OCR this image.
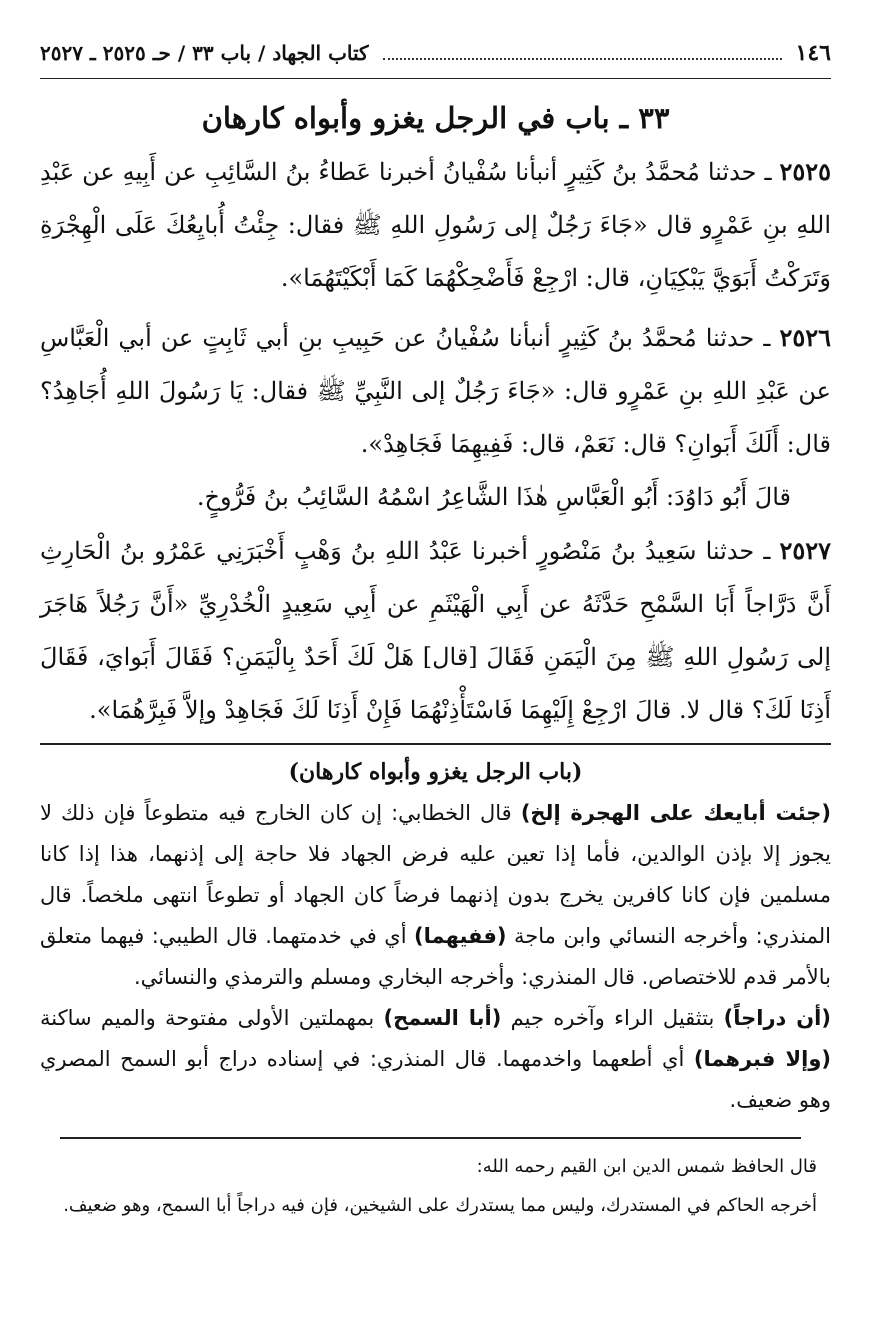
١٤٦
كتاب الجهاد / باب ٣٣ / حـ ٢٥٢٥ ـ ٢٥٢٧
٣٣ ـ باب في الرجل يغزو وأبواه كارهان

٢٥٢٥ ـ حدثنا مُحمَّدُ بنُ كَثِيرٍ أنبأنا سُفْيانُ أخبرنا عَطاءُ بنُ السَّائِبِ عن أَبِيهِ عن عَبْدِ اللهِ بنِ عَمْرٍو قال «جَاءَ رَجُلٌ إلى رَسُولِ اللهِ ﷺ فقال: جِئْتُ أُبايِعُكَ عَلَى الْهِجْرَةِ وَتَرَكْتُ أَبَوَيَّ يَبْكِيَانِ، قال: ارْجِعْ فَأَضْحِكْهُمَا كَمَا أَبْكَيْتَهُمَا».

٢٥٢٦ ـ حدثنا مُحمَّدُ بنُ كَثِيرٍ أنبأنا سُفْيانُ عن حَبِيبِ بنِ أبي ثَابِتٍ عن أبي الْعَبَّاسِ عن عَبْدِ اللهِ بنِ عَمْرٍو قال: «جَاءَ رَجُلٌ إلى النَّبِيِّ ﷺ فقال: يَا رَسُولَ اللهِ أُجَاهِدُ؟ قال: أَلَكَ أَبَوانِ؟ قال: نَعَمْ، قال: فَفِيهِمَا فَجَاهِدْ».

قالَ أَبُو دَاوُدَ: أَبُو الْعَبَّاسِ هٰذَا الشَّاعِرُ اسْمُهُ السَّائِبُ بنُ فَرُّوخٍ.

٢٥٢٧ ـ حدثنا سَعِيدُ بنُ مَنْصُورٍ أخبرنا عَبْدُ اللهِ بنُ وَهْبٍ أَخْبَرَنِي عَمْرُو بنُ الْحَارِثِ أَنَّ دَرَّاجاً أَبَا السَّمْحِ حَدَّثَهُ عن أَبِي الْهَيْثَمِ عن أَبِي سَعِيدٍ الْخُدْرِيِّ «أَنَّ رَجُلاً هَاجَرَ إلى رَسُولِ اللهِ ﷺ مِنَ الْيَمَنِ فَقَالَ [قال] هَلْ لَكَ أَحَدٌ بِالْيَمَنِ؟ فَقَالَ أَبَوايَ، فَقَالَ أَذِنَا لَكَ؟ قال لا. قالَ ارْجِعْ إِلَيْهِمَا فَاسْتَأْذِنْهُمَا فَإِنْ أَذِنَا لَكَ فَجَاهِدْ وإلاَّ فَبِرَّهُمَا».

(باب الرجل يغزو وأبواه كارهان)

(جئت أبايعك على الهجرة إلخ) قال الخطابي: إن كان الخارج فيه متطوعاً فإن ذلك لا يجوز إلا بإذن الوالدين، فأما إذا تعين عليه فرض الجهاد فلا حاجة إلى إذنهما، هذا إذا كانا مسلمين فإن كانا كافرين يخرج بدون إذنهما فرضاً كان الجهاد أو تطوعاً انتهى ملخصاً. قال المنذري: وأخرجه النسائي وابن ماجة (ففيهما) أي في خدمتهما. قال الطيبي: فيهما متعلق بالأمر قدم للاختصاص. قال المنذري: وأخرجه البخاري ومسلم والترمذي والنسائي.

(أن دراجاً) بتثقيل الراء وآخره جيم (أبا السمح) بمهملتين الأولى مفتوحة والميم ساكنة (وإلا فبرهما) أي أطعهما واخدمهما. قال المنذري: في إسناده دراج أبو السمح المصري وهو ضعيف.

قال الحافظ شمس الدين ابن القيم رحمه الله:

أخرجه الحاكم في المستدرك، وليس مما يستدرك على الشيخين، فإن فيه دراجاً أبا السمح، وهو ضعيف.
